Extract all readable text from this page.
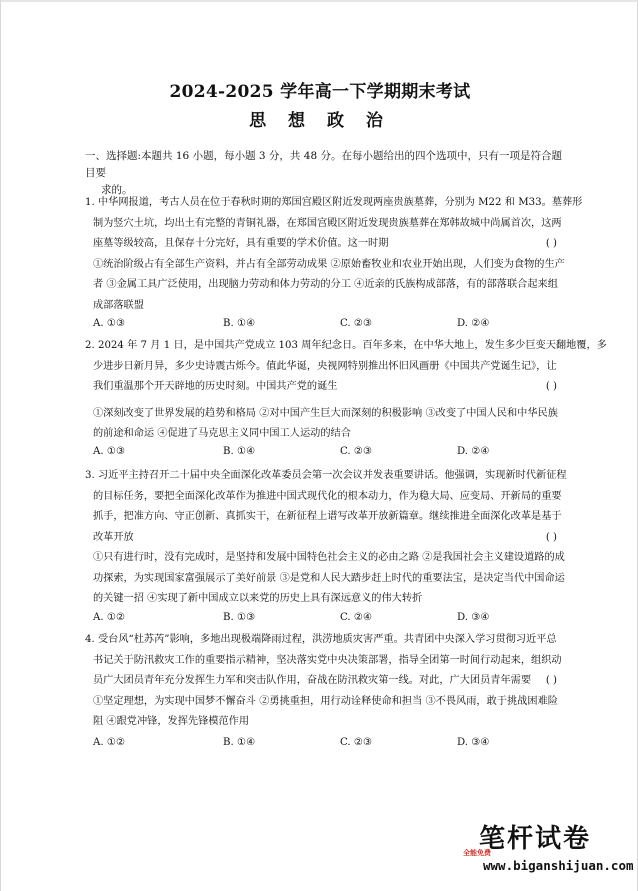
2024-2025 学年高一下学期期末考试
思 想 政 治
一、选择题:本题共 16 小题，每小题 3 分，共 48 分。在每小题给出的四个选项中，只有一项是符合题目要
求的。
1. 中华网报道，考古人员在位于春秋时期的郑国宫殿区附近发现两座贵族墓葬，分别为 M22 和 M33。墓葬形
制为竖穴土坑，均出土有完整的青铜礼器，在郑国宫殿区附近发现贵族墓葬在郑韩故城中尚属首次，这两
座墓等级较高，且保存十分完好，具有重要的学术价值。这一时期	( )
①统治阶级占有全部生产资料，并占有全部劳动成果 ②原始畜牧业和农业开始出现，人们变为食物的生产
者 ③金属工具广泛使用，出现脑力劳动和体力劳动的分工 ④近亲的氏族构成部落，有的部落联合起来组
成部落联盟
A. ①③	B. ①④	C. ②③	D. ②④
2. 2024 年 7 月 1 日，是中国共产党成立 103 周年纪念日。百年多来，在中华大地上，发生多少巨变天翻地覆，多
少进步日新月异，多少史诗震古烁今。值此华诞，央视网特别推出怀旧风画册《中国共产党诞生记》，让
我们重温那个开天辟地的历史时刻。中国共产党的诞生	( )
①深刻改变了世界发展的趋势和格局 ②对中国产生巨大而深刻的积极影响 ③改变了中国人民和中华民族
的前途和命运 ④促进了马克思主义同中国工人运动的结合
A. ①③	B. ①④	C. ②③	D. ②④
3. 习近平主持召开二十届中央全面深化改革委员会第一次会议并发表重要讲话。他强调，实现新时代新征程
的目标任务，要把全面深化改革作为推进中国式现代化的根本动力，作为稳大局、应变局、开新局的重要
抓手，把准方向、守正创新、真抓实干，在新征程上谱写改革开放新篇章。继续推进全面深化改革是基于
改革开放	( )
①只有进行时，没有完成时，是坚持和发展中国特色社会主义的必由之路 ②是我国社会主义建设道路的成
功探索，为实现国家富强展示了美好前景 ③是党和人民大踏步赶上时代的重要法宝，是决定当代中国命运
的关键一招 ④实现了新中国成立以来党的历史上具有深远意义的伟大转折
A. ①②	B. ①③	C. ②④	D. ③④
4. 受台风“杜苏芮”影响，多地出现极端降雨过程，洪涝地质灾害严重。共青团中央深入学习贯彻习近平总
书记关于防汛救灾工作的重要指示精神，坚决落实党中央决策部署，指导全团第一时间行动起来，组织动
员广大团员青年充分发挥生力军和突击队作用，奋战在防汛救灾第一线。对此，广大团员青年需要 ( )
①坚定理想，为实现中国梦不懈奋斗 ②勇挑重担，用行动诠释使命和担当 ③不畏风雨，敢于挑战困难险
阻 ④跟党冲锋，发挥先锋模范作用
A. ①②	B. ①④	C. ②③	D. ③④
笔杆试卷
全能免费
www.biganshijuan.com
